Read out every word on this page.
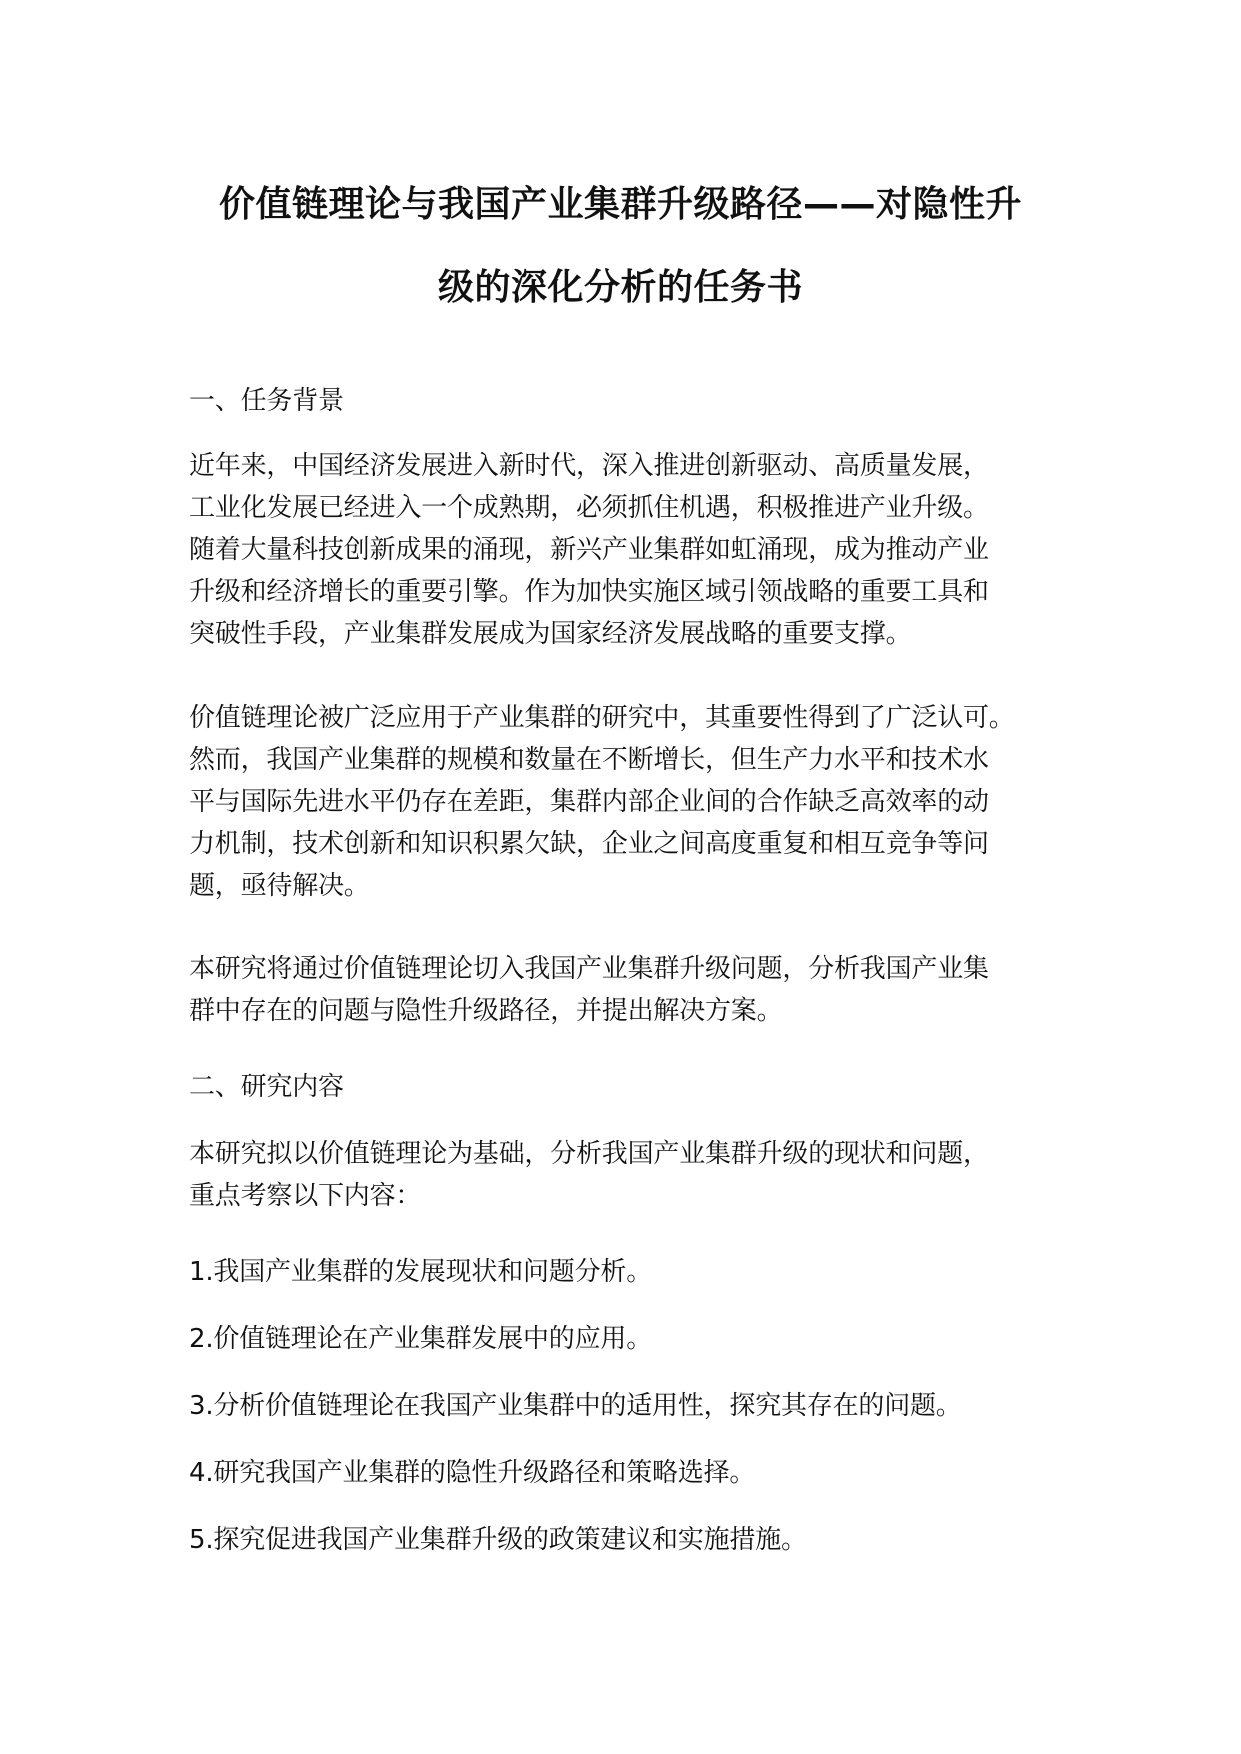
价值链理论与我国产业集群升级路径——对隐性升
级的深化分析的任务书
一、任务背景
近年来，中国经济发展进入新时代，深入推进创新驱动、高质量发展，
工业化发展已经进入一个成熟期，必须抓住机遇，积极推进产业升级。
随着大量科技创新成果的涌现，新兴产业集群如虹涌现，成为推动产业
升级和经济增长的重要引擎。作为加快实施区域引领战略的重要工具和
突破性手段，产业集群发展成为国家经济发展战略的重要支撑。
价值链理论被广泛应用于产业集群的研究中，其重要性得到了广泛认可。
然而，我国产业集群的规模和数量在不断增长，但生产力水平和技术水
平与国际先进水平仍存在差距，集群内部企业间的合作缺乏高效率的动
力机制，技术创新和知识积累欠缺，企业之间高度重复和相互竞争等问
题，亟待解决。
本研究将通过价值链理论切入我国产业集群升级问题，分析我国产业集
群中存在的问题与隐性升级路径，并提出解决方案。
二、研究内容
本研究拟以价值链理论为基础，分析我国产业集群升级的现状和问题，
重点考察以下内容：
1.我国产业集群的发展现状和问题分析。
2.价值链理论在产业集群发展中的应用。
3.分析价值链理论在我国产业集群中的适用性，探究其存在的问题。
4.研究我国产业集群的隐性升级路径和策略选择。
5.探究促进我国产业集群升级的政策建议和实施措施。
